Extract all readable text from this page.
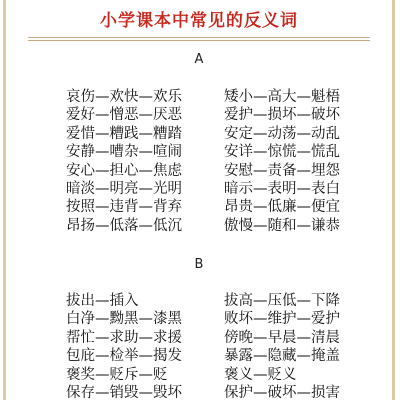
小学课本中常见的反义词
A
哀伤—欢快—欢乐
爱好—憎恶—厌恶
爱惜—糟践—糟踏
安静—嘈杂—喧闹
安心—担心—焦虑
暗淡—明亮—光明
按照—违背—背弃
昂扬—低落—低沉
矮小—高大—魁梧
爱护—损坏—破坏
安定—动荡—动乱
安详—惊慌—慌乱
安慰—责备—埋怨
暗示—表明—表白
昂贵—低廉—便宜
傲慢—随和—谦恭
B
拔出—插入
白净—黝黑—漆黑
帮忙—求助—求援
包庇—检举—揭发
褒奖—贬斥—贬
保存—销毁—毁坏
拔高—压低—下降
败坏—维护—爱护
傍晚—早晨—清晨
暴露—隐藏—掩盖
褒义—贬义
保护—破坏—损害
